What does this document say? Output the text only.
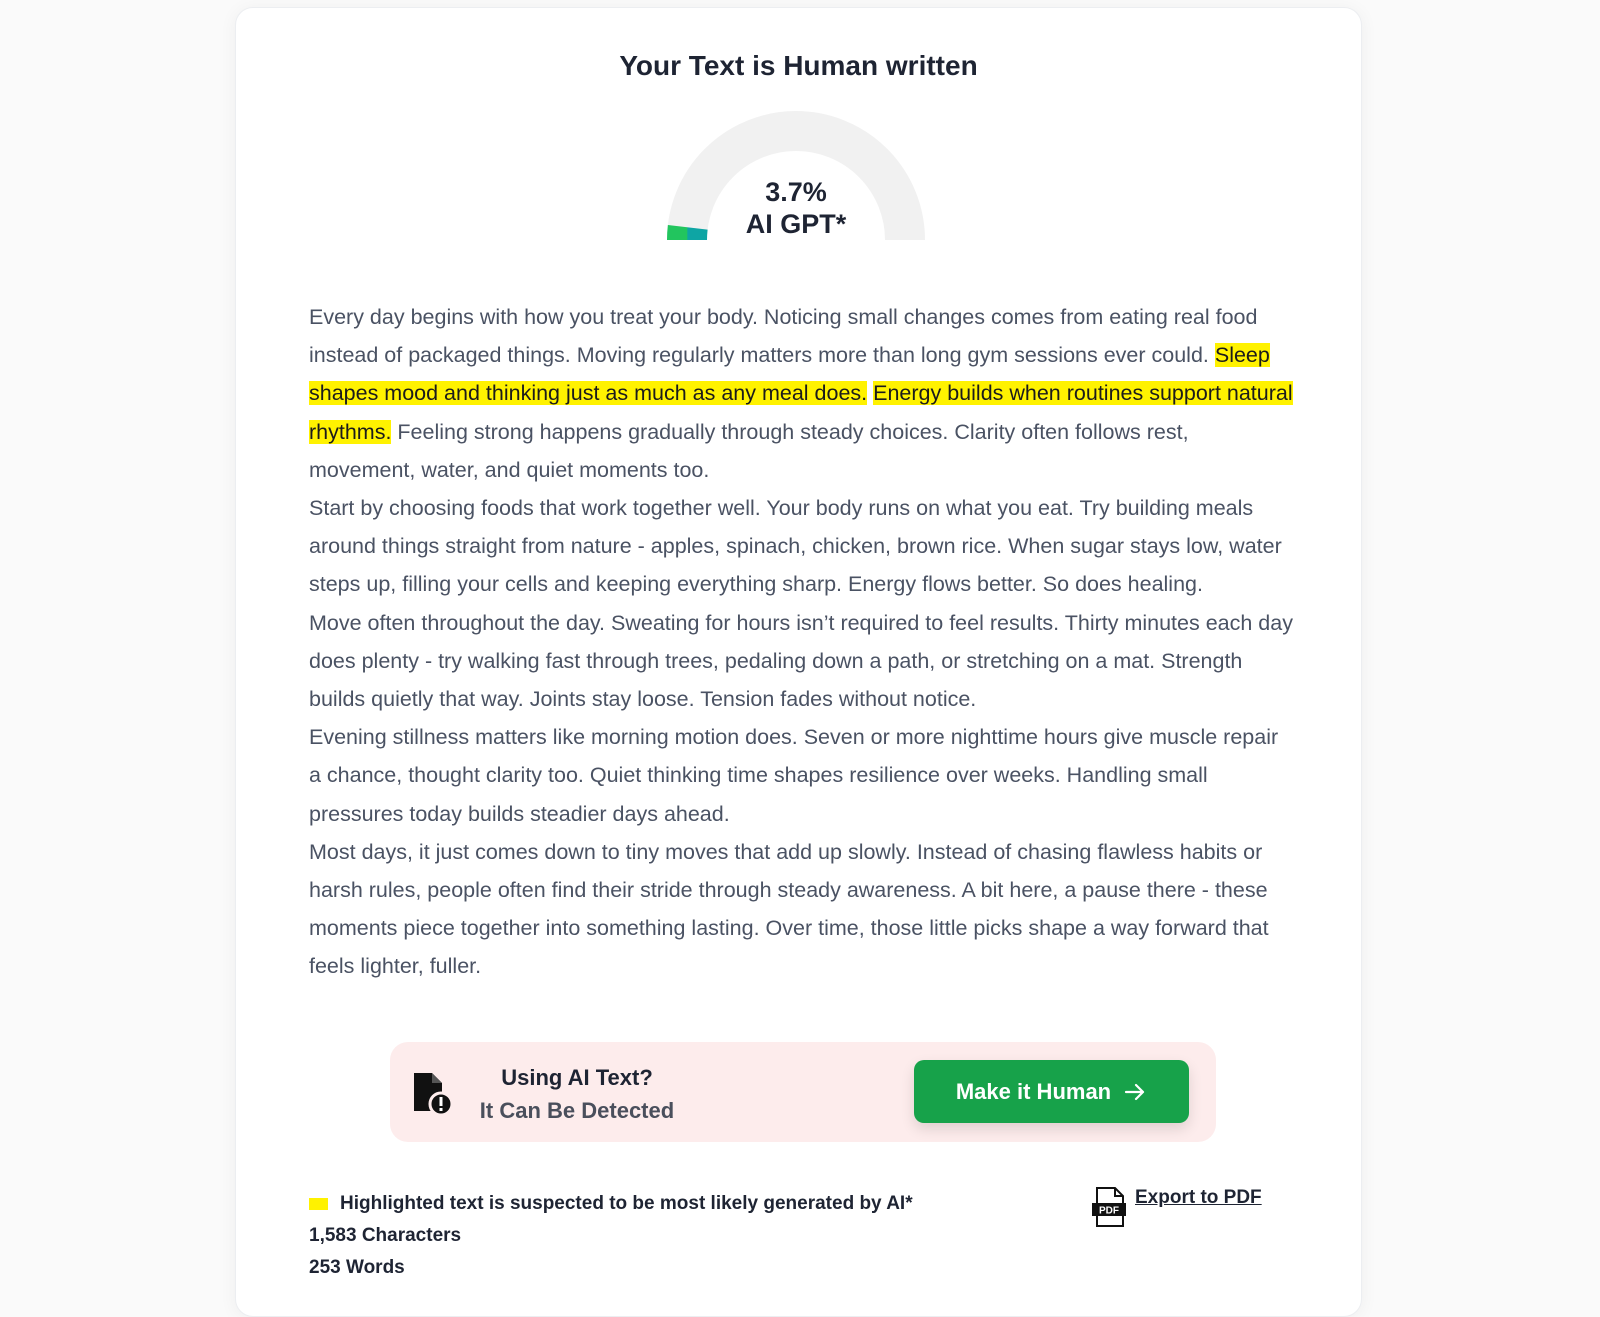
Your Text is Human written
3.7%
AI GPT*

Every day begins with how you treat your body. Noticing small changes comes from eating real food instead of packaged things. Moving regularly matters more than long gym sessions ever could. Sleep shapes mood and thinking just as much as any meal does. Energy builds when routines support natural rhythms. Feeling strong happens gradually through steady choices. Clarity often follows rest, movement, water, and quiet moments too.

Start by choosing foods that work together well. Your body runs on what you eat. Try building meals around things straight from nature - apples, spinach, chicken, brown rice. When sugar stays low, water steps up, filling your cells and keeping everything sharp. Energy flows better. So does healing.

Move often throughout the day. Sweating for hours isn’t required to feel results. Thirty minutes each day does plenty - try walking fast through trees, pedaling down a path, or stretching on a mat. Strength builds quietly that way. Joints stay loose. Tension fades without notice.

Evening stillness matters like morning motion does. Seven or more nighttime hours give muscle repair a chance, thought clarity too. Quiet thinking time shapes resilience over weeks. Handling small pressures today builds steadier days ahead.

Most days, it just comes down to tiny moves that add up slowly. Instead of chasing flawless habits or harsh rules, people often find their stride through steady awareness. A bit here, a pause there - these moments piece together into something lasting. Over time, those little picks shape a way forward that feels lighter, fuller.

Using AI Text?
It Can Be Detected
Make it Human
Highlighted text is suspected to be most likely generated by AI*
1,583 Characters
253 Words
PDF
Export to PDF
